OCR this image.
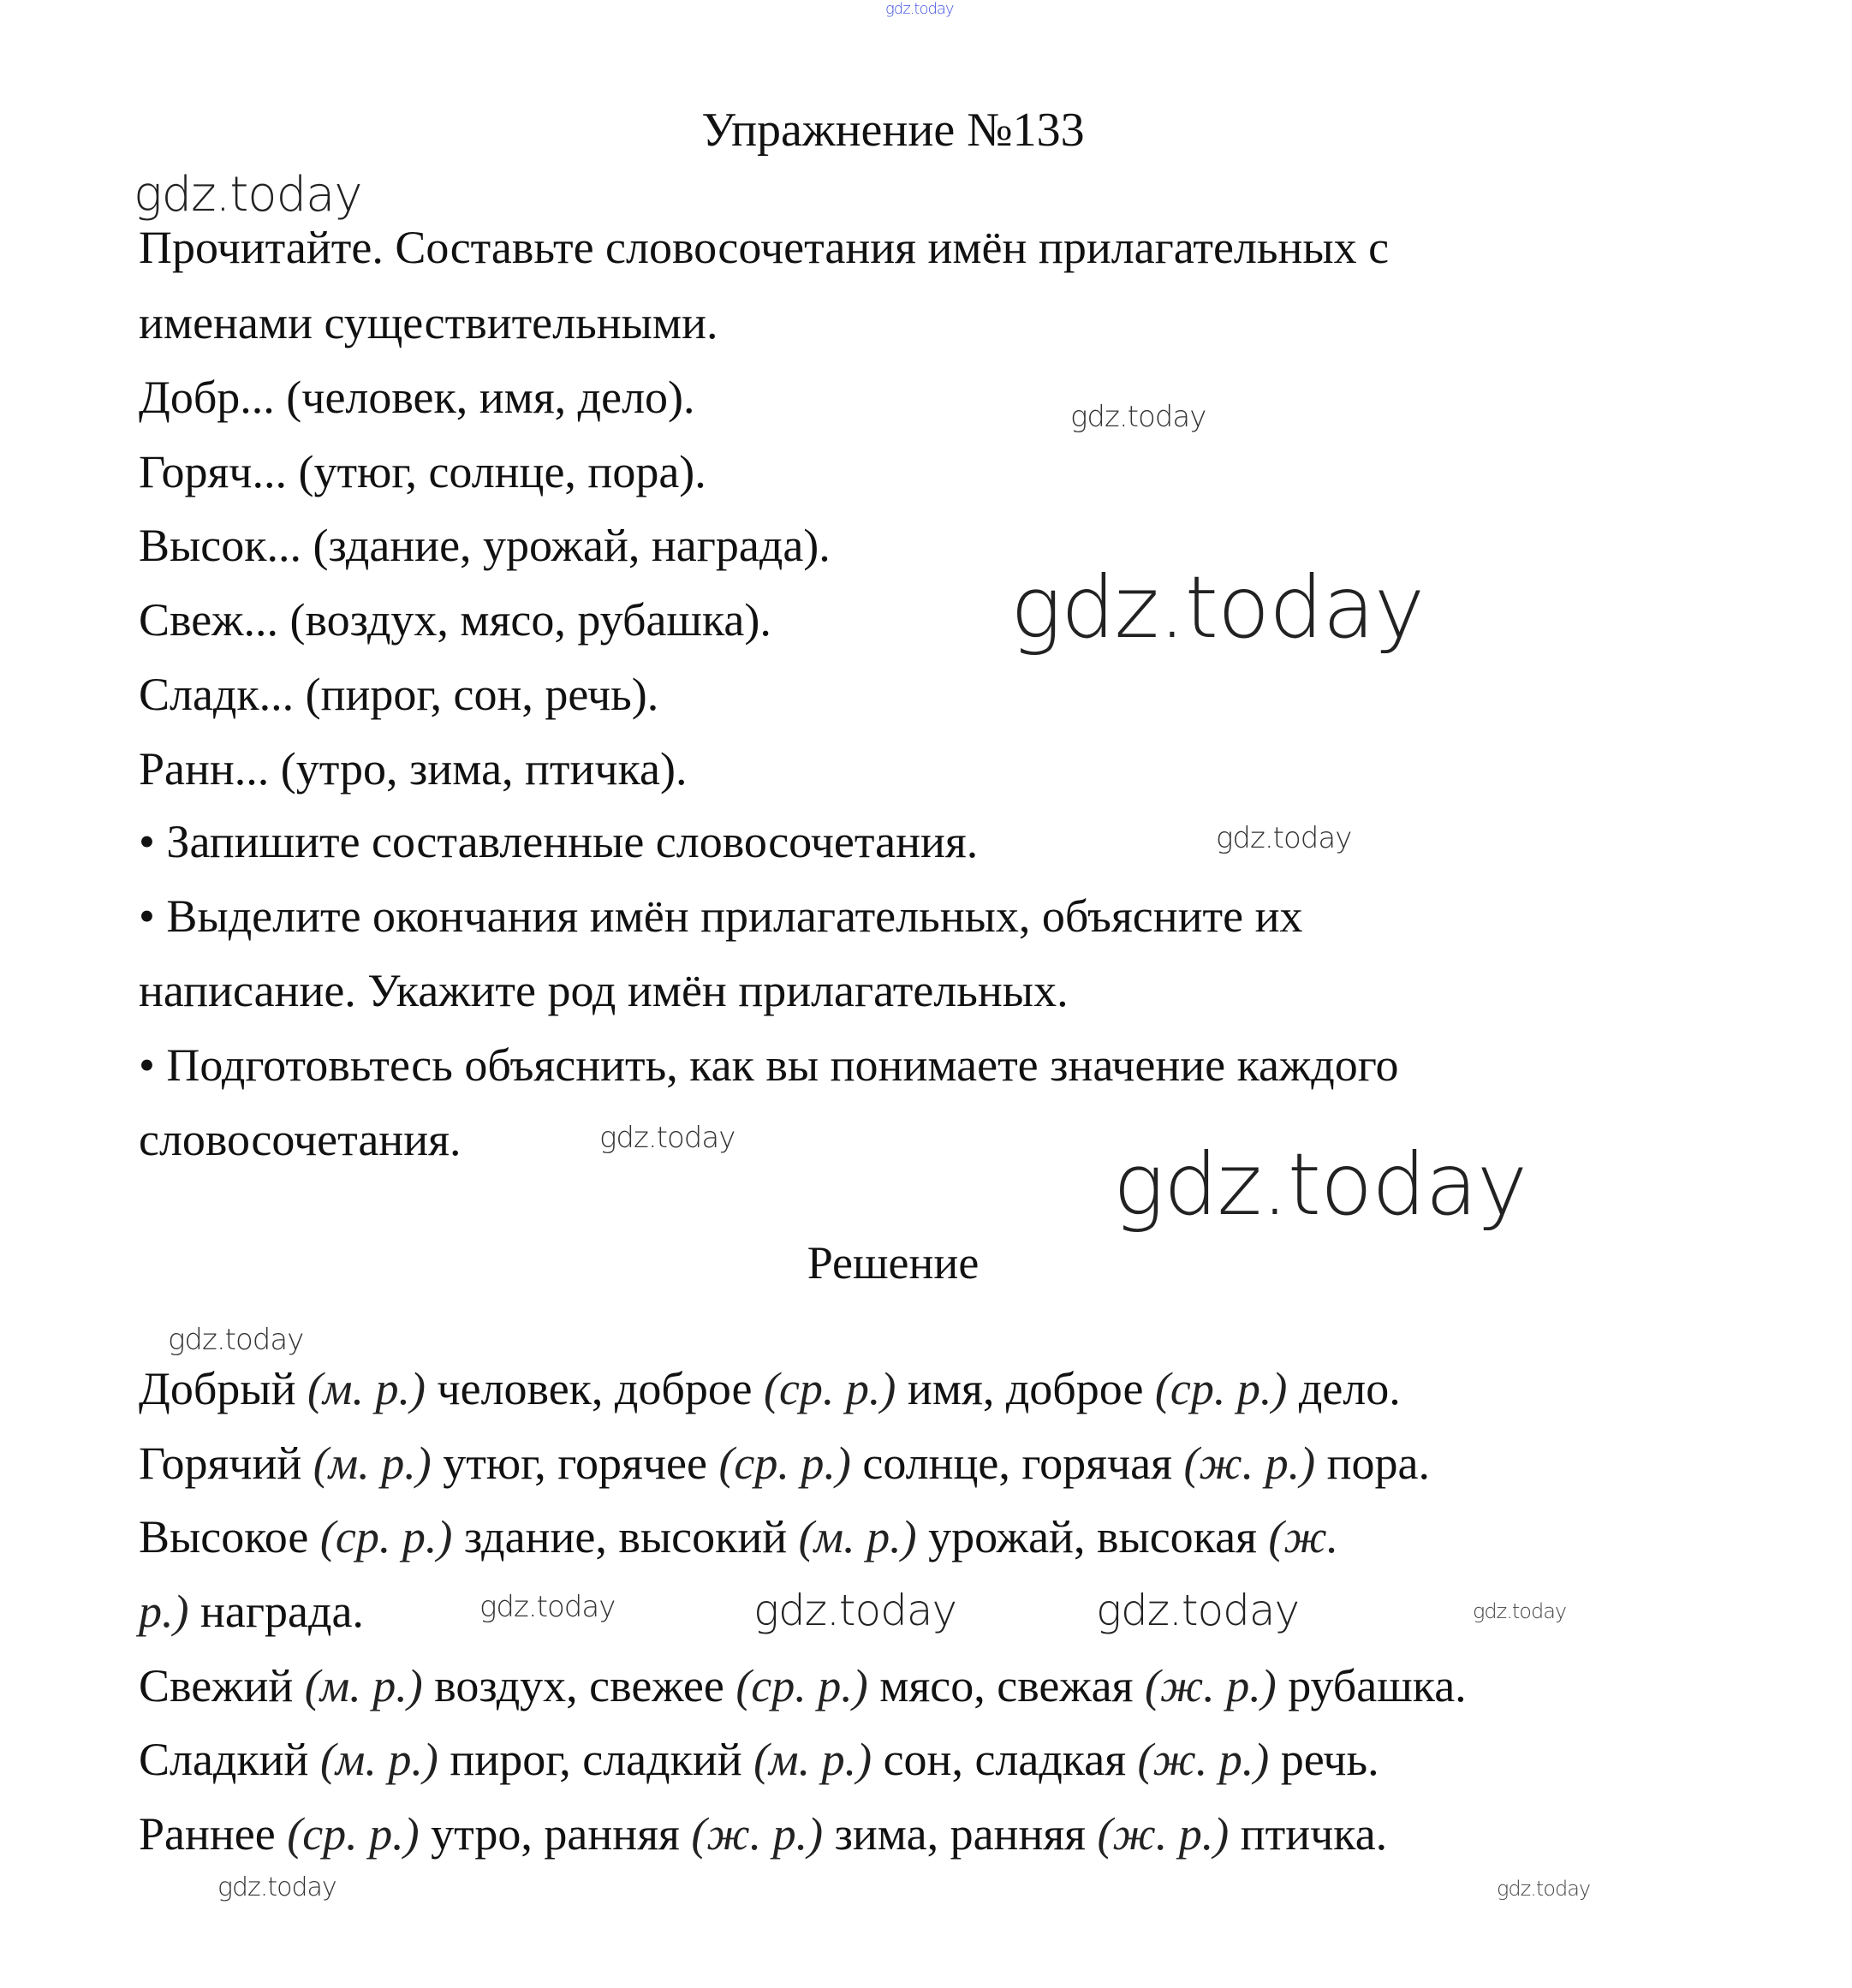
gdz.today
Упражнение №133
gdz.today
Прочитайте. Составьте словосочетания имён прилагательных с
именами существительными.
Добр... (человек, имя, дело).
Горяч... (утюг, солнце, пора).
Высок... (здание, урожай, награда).
gdz.today
gdz.today
Свеж... (воздух, мясо, рубашка).
Сладк... (пирог, сон, речь).
Ранн... (утро, зима, птичка).
• Запишите составленные словосочетания.	gdz.today
• Выделите окончания имён прилагательных, объясните их
написание. Укажите род имён прилагательных.
• Подготовьтесь объяснить, как вы понимаете значение каждого
gdz.today	gdz.today
словосочетания.
Решение
gdz.today
gdz.today	gdz.today	gdz.today	gdz.today
gdz.today	gdz.today
Добрый (м. р.) человек, доброе (ср. р.) имя, доброе (ср. р.) дело.
Горячий (м. р.) утюг, горячее (ср. р.) солнце, горячая (ж. р.) пора.
Высокое (ср. р.) здание, высокий (м. р.) урожай, высокая (ж.
р.) награда.
Свежий (м. р.) воздух, свежее (ср. р.) мясо, свежая (ж. р.) рубашка.
Сладкий (м. р.) пирог, сладкий (м. р.) сон, сладкая (ж. р.) речь.
Раннее (ср. р.) утро, ранняя (ж. р.) зима, ранняя (ж. р.) птичка.
